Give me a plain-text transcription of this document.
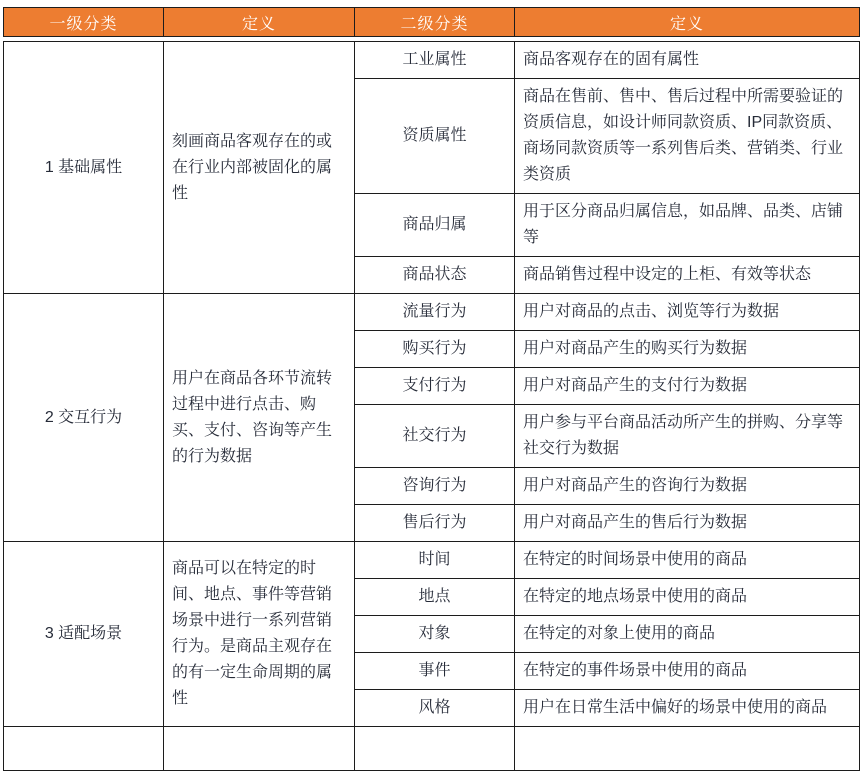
一级分类	定义	二级分类	定义
1 基础属性	刻画商品客观存在的或在行业内部被固化的属性	工业属性	商品客观存在的固有属性
		资质属性	商品在售前、售中、售后过程中所需要验证的资质信息，如设计师同款资质、IP同款资质、商场同款资质等一系列售后类、营销类、行业类资质
		商品归属	用于区分商品归属信息，如品牌、品类、店铺等
		商品状态	商品销售过程中设定的上柜、有效等状态
2 交互行为	用户在商品各环节流转过程中进行点击、购买、支付、咨询等产生的行为数据	流量行为	用户对商品的点击、浏览等行为数据
		购买行为	用户对商品产生的购买行为数据
		支付行为	用户对商品产生的支付行为数据
		社交行为	用户参与平台商品活动所产生的拼购、分享等社交行为数据
		咨询行为	用户对商品产生的咨询行为数据
		售后行为	用户对商品产生的售后行为数据
3 适配场景	商品可以在特定的时间、地点、事件等营销场景中进行一系列营销行为。是商品主观存在的有一定生命周期的属性	时间	在特定的时间场景中使用的商品
		地点	在特定的地点场景中使用的商品
		对象	在特定的对象上使用的商品
		事件	在特定的事件场景中使用的商品
		风格	用户在日常生活中偏好的场景中使用的商品
